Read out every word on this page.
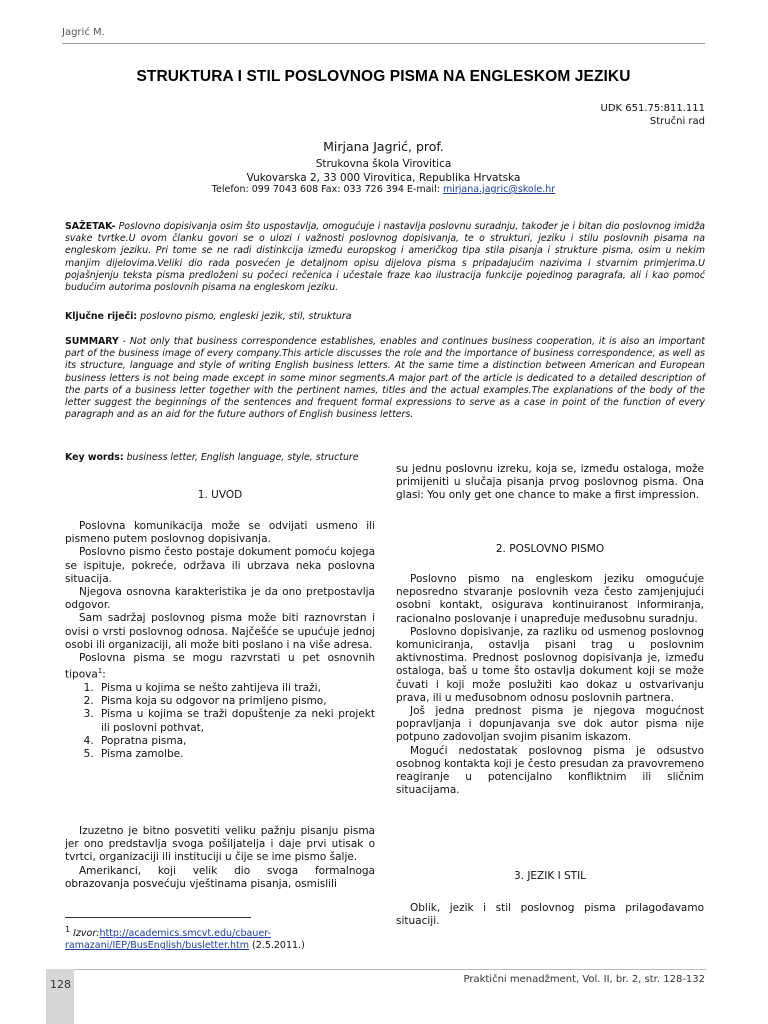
Jagrić M.
STRUKTURA I STIL POSLOVNOG PISMA NA ENGLESKOM JEZIKU
UDK 651.75:811.111
Stručni rad
Mirjana Jagrić, prof.
Strukovna škola Virovitica
Vukovarska 2, 33 000 Virovitica, Republika Hrvatska
Telefon: 099 7043 608 Fax: 033 726 394 E-mail: mirjana.jagric@skole.hr
SAŽETAK- Poslovno dopisivanja osim što uspostavlja, omogućuje i nastavlja poslovnu suradnju, također je i bitan dio poslovnog imidža svake tvrtke.U ovom članku govori se o ulozi i važnosti poslovnog dopisivanja, te o strukturi, jeziku i stilu poslovnih pisama na engleskom jeziku. Pri tome se ne radi distinkcija između europskog i američkog tipa stila pisanja i strukture pisma, osim u nekim manjim dijelovima.Veliki dio rada posvećen je detaljnom opisu dijelova pisma s pripadajućim nazivima i stvarnim primjerima.U pojašnjenju teksta pisma predloženi su počeci rečenica i učestale fraze kao ilustracija funkcije pojedinog paragrafa, ali i kao pomoć budućim autorima poslovnih pisama na engleskom jeziku.
Ključne riječi: poslovno pismo, engleski jezik, stil, struktura
SUMMARY - Not only that business correspondence establishes, enables and continues business cooperation, it is also an important part of the business image of every company.This article discusses the role and the importance of business correspondence, as well as its structure, language and style of writing English business letters. At the same time a distinction between American and European business letters is not being made except in some minor segments.A major part of the article is dedicated to a detailed description of the parts of a business letter together with the pertinent names, titles and the actual examples.The explanations of the body of the letter suggest the beginnings of the sentences and frequent formal expressions to serve as a case in point of the function of every paragraph and as an aid for the future authors of English business letters.
Key words: business letter, English language, style, structure
1. UVOD

Poslovna komunikacija može se odvijati usmeno ili pismeno putem poslovnog dopisivanja.

Poslovno pismo često postaje dokument pomoću kojega se ispituje, pokreće, održava ili ubrzava neka poslovna situacija.

Njegova osnovna karakteristika je da ono pretpostavlja odgovor.

Sam sadržaj poslovnog pisma može biti raznovrstan i ovisi o vrsti poslovnog odnosa. Najčešće se upućuje jednoj osobi ili organizaciji, ali može biti poslano i na više adresa.

Poslovna pisma se mogu razvrstati u pet osnovnih tipova$^1$:

1. Pisma u kojima se nešto zahtijeva ili traži,
2. Pisma koja su odgovor na primljeno pismo,
3. Pisma u kojima se traži dopuštenje za neki projekt ili poslovni pothvat,
4. Popratna pisma,
5. Pisma zamolbe.

Izuzetno je bitno posvetiti veliku pažnju pisanju pisma jer ono predstavlja svoga pošiljatelja i daje prvi utisak o tvrtci, organizaciji ili instituciji u čije se ime pismo šalje.

Amerikanci, koji velik dio svoga formalnoga obrazovanja posvećuju vještinama pisanja, osmislili

su jednu poslovnu izreku, koja se, između ostaloga, može primijeniti u slučaja pisanja prvog poslovnog pisma. Ona glasi: You only get one chance to make a first impression.

2. POSLOVNO PISMO

Poslovno pismo na engleskom jeziku omogućuje neposredno stvaranje poslovnih veza često zamjenjujući osobni kontakt, osigurava kontinuiranost informiranja, racionalno poslovanje i unapređuje međusobnu suradnju.

Poslovno dopisivanje, za razliku od usmenog poslovnog komuniciranja, ostavlja pisani trag u poslovnim aktivnostima. Prednost poslovnog dopisivanja je, između ostaloga, baš u tome što ostavlja dokument koji se može čuvati i koji može poslužiti kao dokaz u ostvarivanju prava, ili u međusobnom odnosu poslovnih partnera.

Još jedna prednost pisma je njegova mogućnost popravljanja i dopunjavanja sve dok autor pisma nije potpuno zadovoljan svojim pisanim iskazom.

Mogući nedostatak poslovnog pisma je odsustvo osobnog kontakta koji je često presudan za pravovremeno reagiranje u potencijalno konfliktnim ili sličnim situacijama.

3. JEZIK I STIL

Oblik, jezik i stil poslovnog pisma prilagođavamo situaciji.

$^1$ Izvor:http://academics.smcvt.edu/cbauer-ramazani/IEP/BusEnglish/busletter.htm (2.5.2011.)
128	Praktični menadžment, Vol. II, br. 2, str. 128-132
